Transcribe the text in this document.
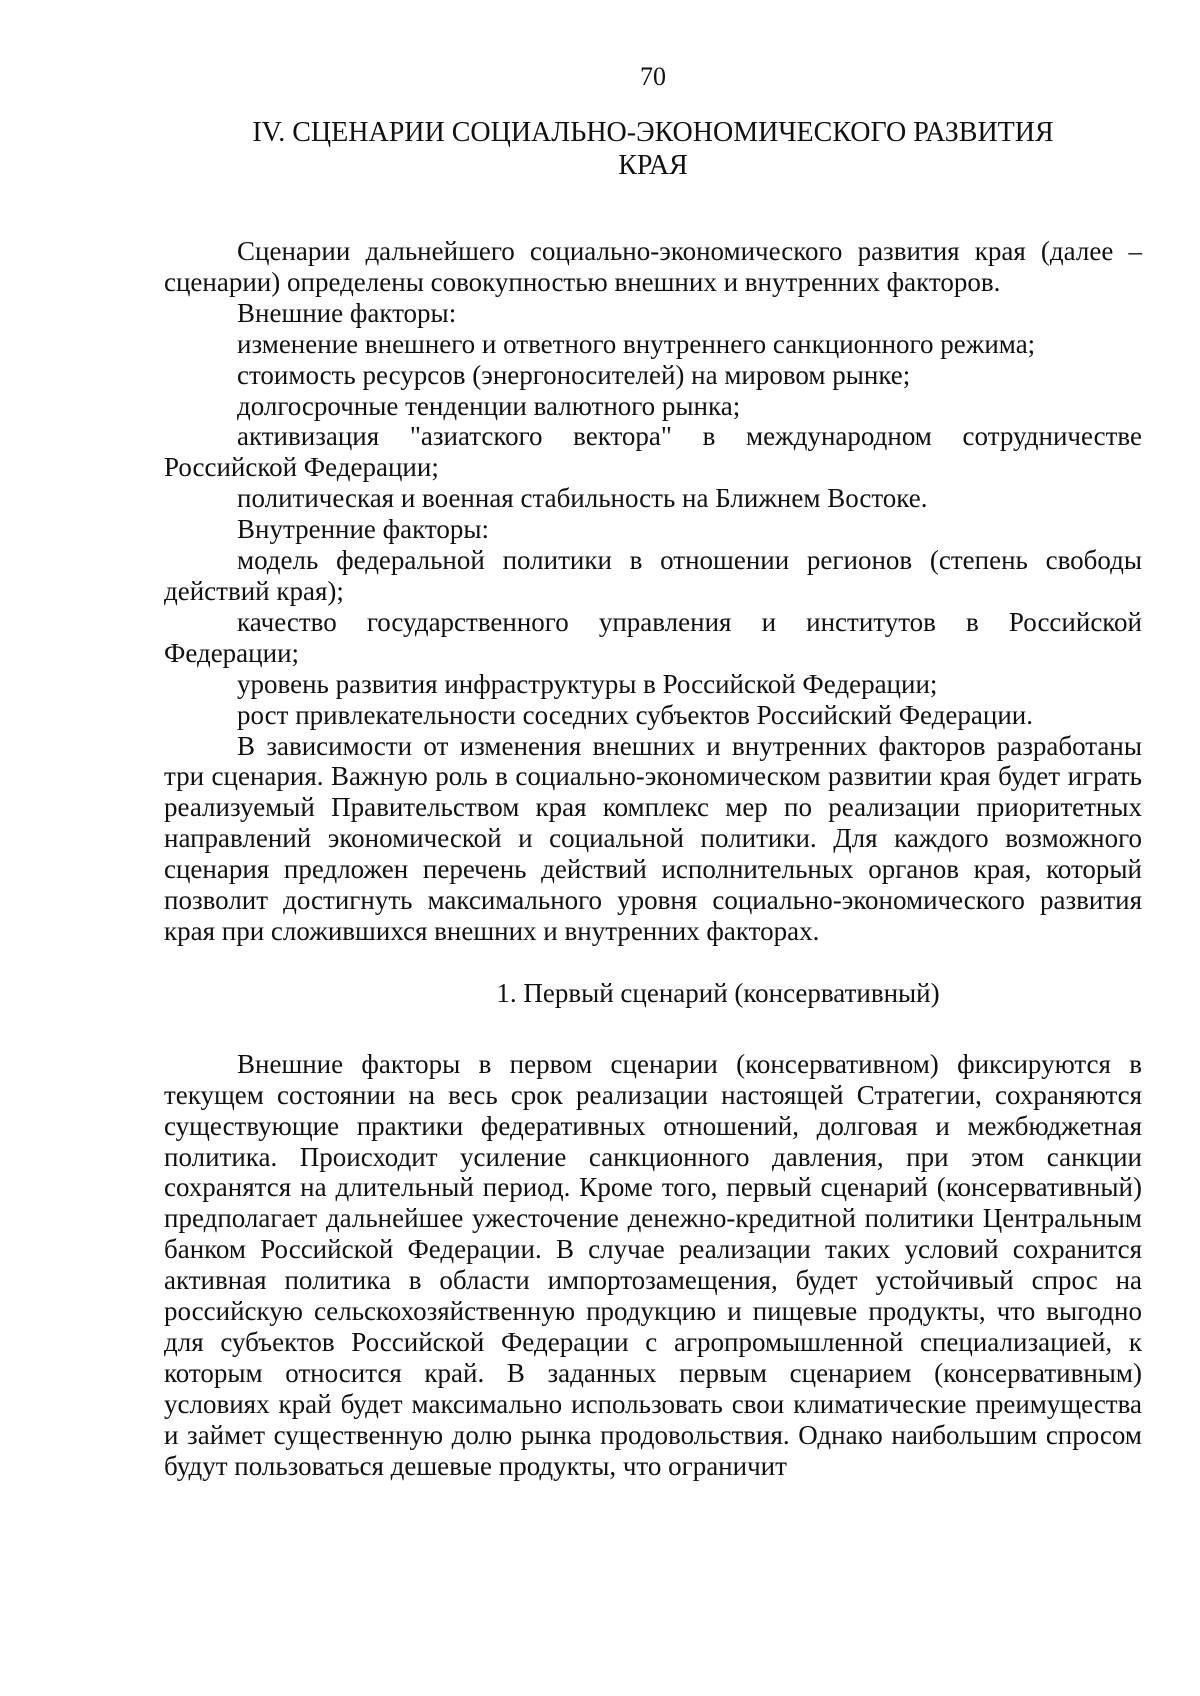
70
IV. СЦЕНАРИИ СОЦИАЛЬНО-ЭКОНОМИЧЕСКОГО РАЗВИТИЯ
КРАЯ

Сценарии дальнейшего социально-экономического развития края (далее – сценарии) определены совокупностью внешних и внутренних факторов.

Внешние факторы:

изменение внешнего и ответного внутреннего санкционного режима;

стоимость ресурсов (энергоносителей) на мировом рынке;

долгосрочные тенденции валютного рынка;

активизация "азиатского вектора" в международном сотрудничестве Российской Федерации;

политическая и военная стабильность на Ближнем Востоке.

Внутренние факторы:

модель федеральной политики в отношении регионов (степень свободы действий края);

качество государственного управления и институтов в Российской Федерации;

уровень развития инфраструктуры в Российской Федерации;

рост привлекательности соседних субъектов Российский Федерации.

В зависимости от изменения внешних и внутренних факторов разработаны три сценария. Важную роль в социально-экономическом развитии края будет играть реализуемый Правительством края комплекс мер по реализации приоритетных направлений экономической и социальной политики. Для каждого возможного сценария предложен перечень действий исполнительных органов края, который позволит достигнуть максимального уровня социально-экономического развития края при сложившихся внешних и внутренних факторах.

1. Первый сценарий (консервативный)

Внешние факторы в первом сценарии (консервативном) фиксируются в текущем состоянии на весь срок реализации настоящей Стратегии, сохраняются существующие практики федеративных отношений, долговая и межбюджетная политика. Происходит усиление санкционного давления, при этом санкции сохранятся на длительный период. Кроме того, первый сценарий (консервативный) предполагает дальнейшее ужесточение денежно-кредитной политики Центральным банком Российской Федерации. В случае реализации таких условий сохранится активная политика в области импортозамещения, будет устойчивый спрос на российскую сельскохозяйственную продукцию и пищевые продукты, что выгодно для субъектов Российской Федерации с агропромышленной специализацией, к которым относится край. В заданных первым сценарием (консервативным) условиях край будет максимально использовать свои климатические преимущества и займет существенную долю рынка продовольствия. Однако наибольшим спросом будут пользоваться дешевые продукты, что ограничит
